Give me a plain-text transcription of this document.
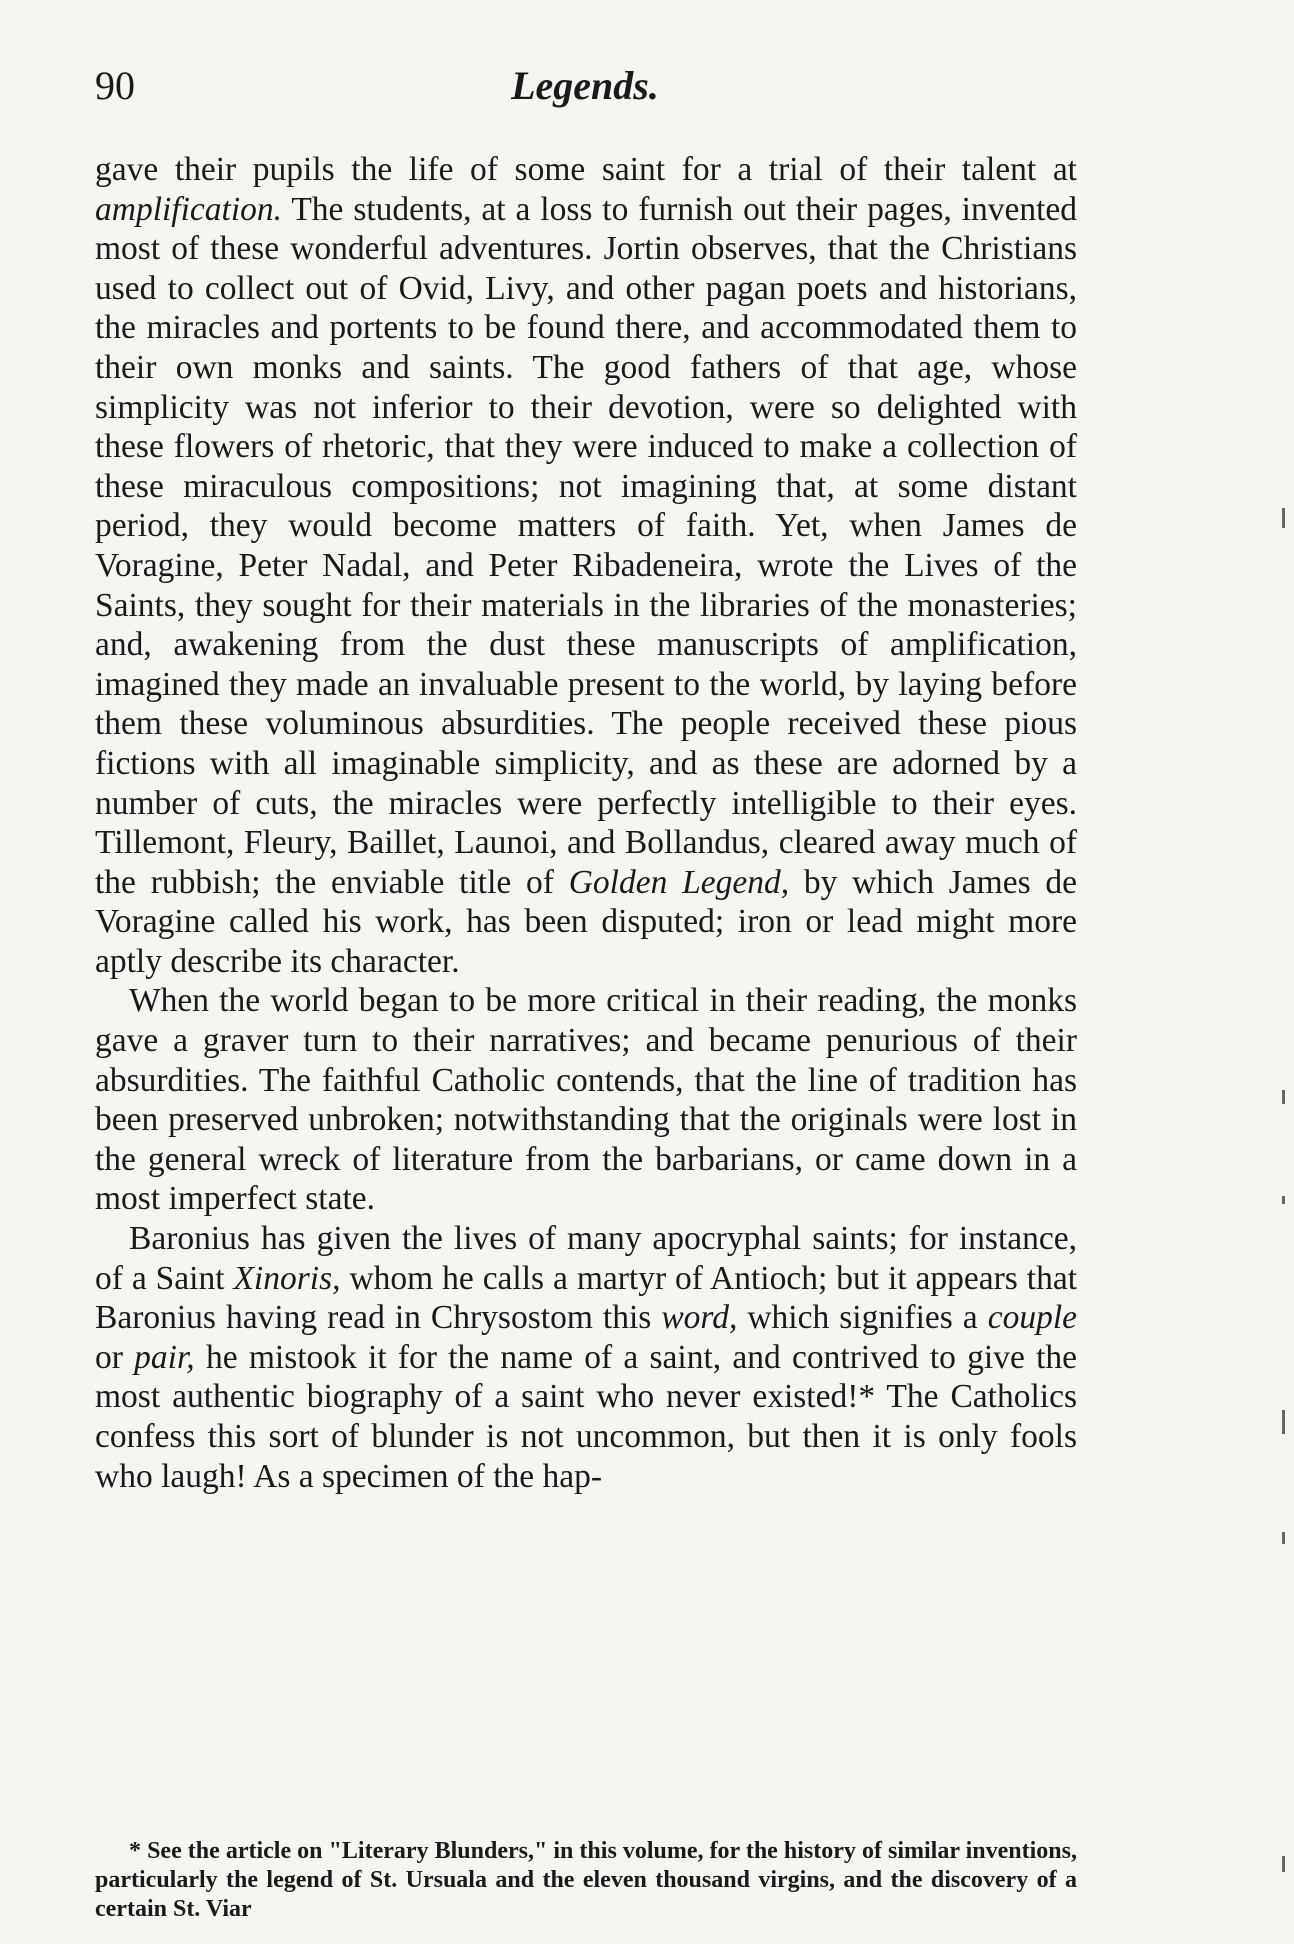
90	Legends.

gave their pupils the life of some saint for a trial of their talent at amplification. The students, at a loss to furnish out their pages, invented most of these wonderful adventures. Jortin observes, that the Christians used to collect out of Ovid, Livy, and other pagan poets and historians, the miracles and portents to be found there, and accommodated them to their own monks and saints. The good fathers of that age, whose simplicity was not inferior to their devotion, were so delighted with these flowers of rhetoric, that they were induced to make a collection of these miraculous compositions; not imagining that, at some distant period, they would become matters of faith. Yet, when James de Voragine, Peter Nadal, and Peter Ribadeneira, wrote the Lives of the Saints, they sought for their materials in the libraries of the monasteries; and, awakening from the dust these manuscripts of amplification, imagined they made an invaluable present to the world, by laying before them these voluminous absurdities. The people received these pious fictions with all imaginable simplicity, and as these are adorned by a number of cuts, the miracles were perfectly intelligible to their eyes. Tillemont, Fleury, Baillet, Launoi, and Bollandus, cleared away much of the rubbish; the enviable title of Golden Legend, by which James de Voragine called his work, has been disputed; iron or lead might more aptly describe its character.

When the world began to be more critical in their reading, the monks gave a graver turn to their narratives; and became penurious of their absurdities. The faithful Catholic contends, that the line of tradition has been preserved unbroken; notwithstanding that the originals were lost in the general wreck of literature from the barbarians, or came down in a most imperfect state.

Baronius has given the lives of many apocryphal saints; for instance, of a Saint Xinoris, whom he calls a martyr of Antioch; but it appears that Baronius having read in Chrysostom this word, which signifies a couple or pair, he mistook it for the name of a saint, and contrived to give the most authentic biography of a saint who never existed!* The Catholics confess this sort of blunder is not uncommon, but then it is only fools who laugh! As a specimen of the hap-

* See the article on "Literary Blunders," in this volume, for the history of similar inventions, particularly the legend of St. Ursuala and the eleven thousand virgins, and the discovery of a certain St. Viar
